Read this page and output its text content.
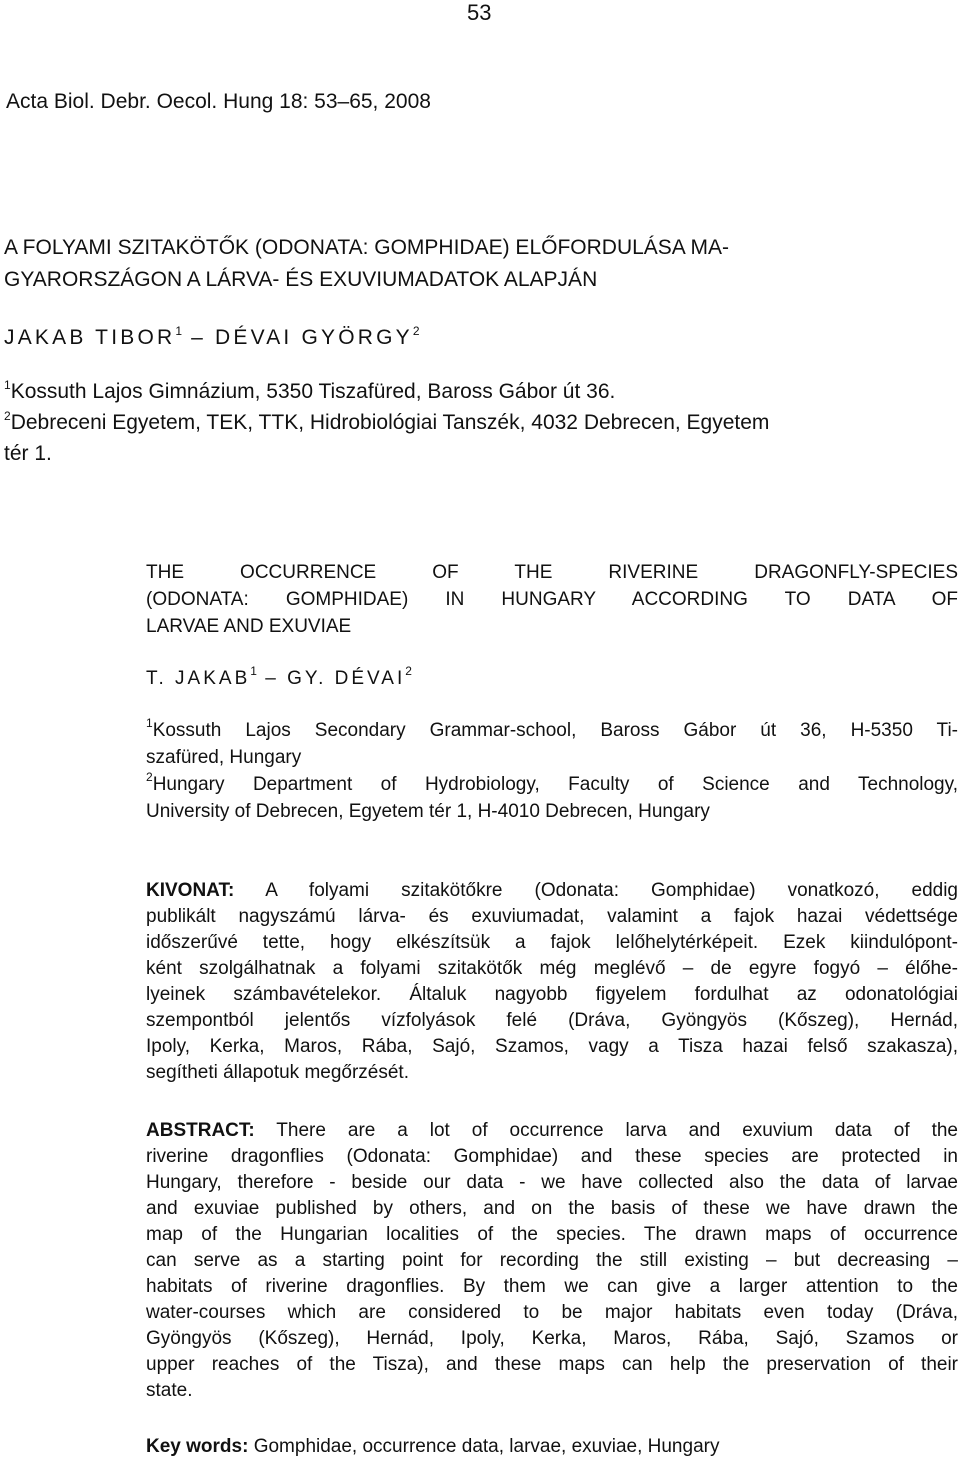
53
Acta Biol. Debr. Oecol. Hung 18: 53–65, 2008
A FOLYAMI SZITAKÖTŐK (ODONATA: GOMPHIDAE) ELŐFORDULÁSA MA-
GYARORSZÁGON A LÁRVA- ÉS EXUVIUMADATOK ALAPJÁN
JAKAB TIBOR$^1$ – DÉVAI GYÖRGY$^2$
$^1$Kossuth Lajos Gimnázium, 5350 Tiszafüred, Baross Gábor út 36.
$^2$Debreceni Egyetem, TEK, TTK, Hidrobiológiai Tanszék, 4032 Debrecen, Egyetem
tér 1.
THE OCCURRENCE OF THE RIVERINE DRAGONFLY-SPECIES
(ODONATA: GOMPHIDAE) IN HUNGARY ACCORDING TO DATA OF
LARVAE AND EXUVIAE
T. JAKAB$^1$ – GY. DÉVAI$^2$
$^1$Kossuth Lajos Secondary Grammar-school, Baross Gábor út 36, H-5350 Ti-
szafüred, Hungary
$^2$Hungary Department of Hydrobiology, Faculty of Science and Technology,
University of Debrecen, Egyetem tér 1, H-4010 Debrecen, Hungary
KIVONAT: A folyami szitakötőkre (Odonata: Gomphidae) vonatkozó, eddig
publikált nagyszámú lárva- és exuviumadat, valamint a fajok hazai védettsége
időszerűvé tette, hogy elkészítsük a fajok lelőhelytérképeit. Ezek kiindulópont-
ként szolgálhatnak a folyami szitakötők még meglévő – de egyre fogyó – élőhe-
lyeinek számbavételekor. Általuk nagyobb figyelem fordulhat az odonatológiai
szempontból jelentős vízfolyások felé (Dráva, Gyöngyös (Kőszeg), Hernád,
Ipoly, Kerka, Maros, Rába, Sajó, Szamos, vagy a Tisza hazai felső szakasza),
segítheti állapotuk megőrzését.
ABSTRACT: There are a lot of occurrence larva and exuvium data of the
riverine dragonflies (Odonata: Gomphidae) and these species are protected in
Hungary, therefore - beside our data - we have collected also the data of larvae
and exuviae published by others, and on the basis of these we have drawn the
map of the Hungarian localities of the species. The drawn maps of occurrence
can serve as a starting point for recording the still existing – but decreasing –
habitats of riverine dragonflies. By them we can give a larger attention to the
water-courses which are considered to be major habitats even today (Dráva,
Gyöngyös (Kőszeg), Hernád, Ipoly, Kerka, Maros, Rába, Sajó, Szamos or
upper reaches of the Tisza), and these maps can help the preservation of their
state.
Key words: Gomphidae, occurrence data, larvae, exuviae, Hungary
